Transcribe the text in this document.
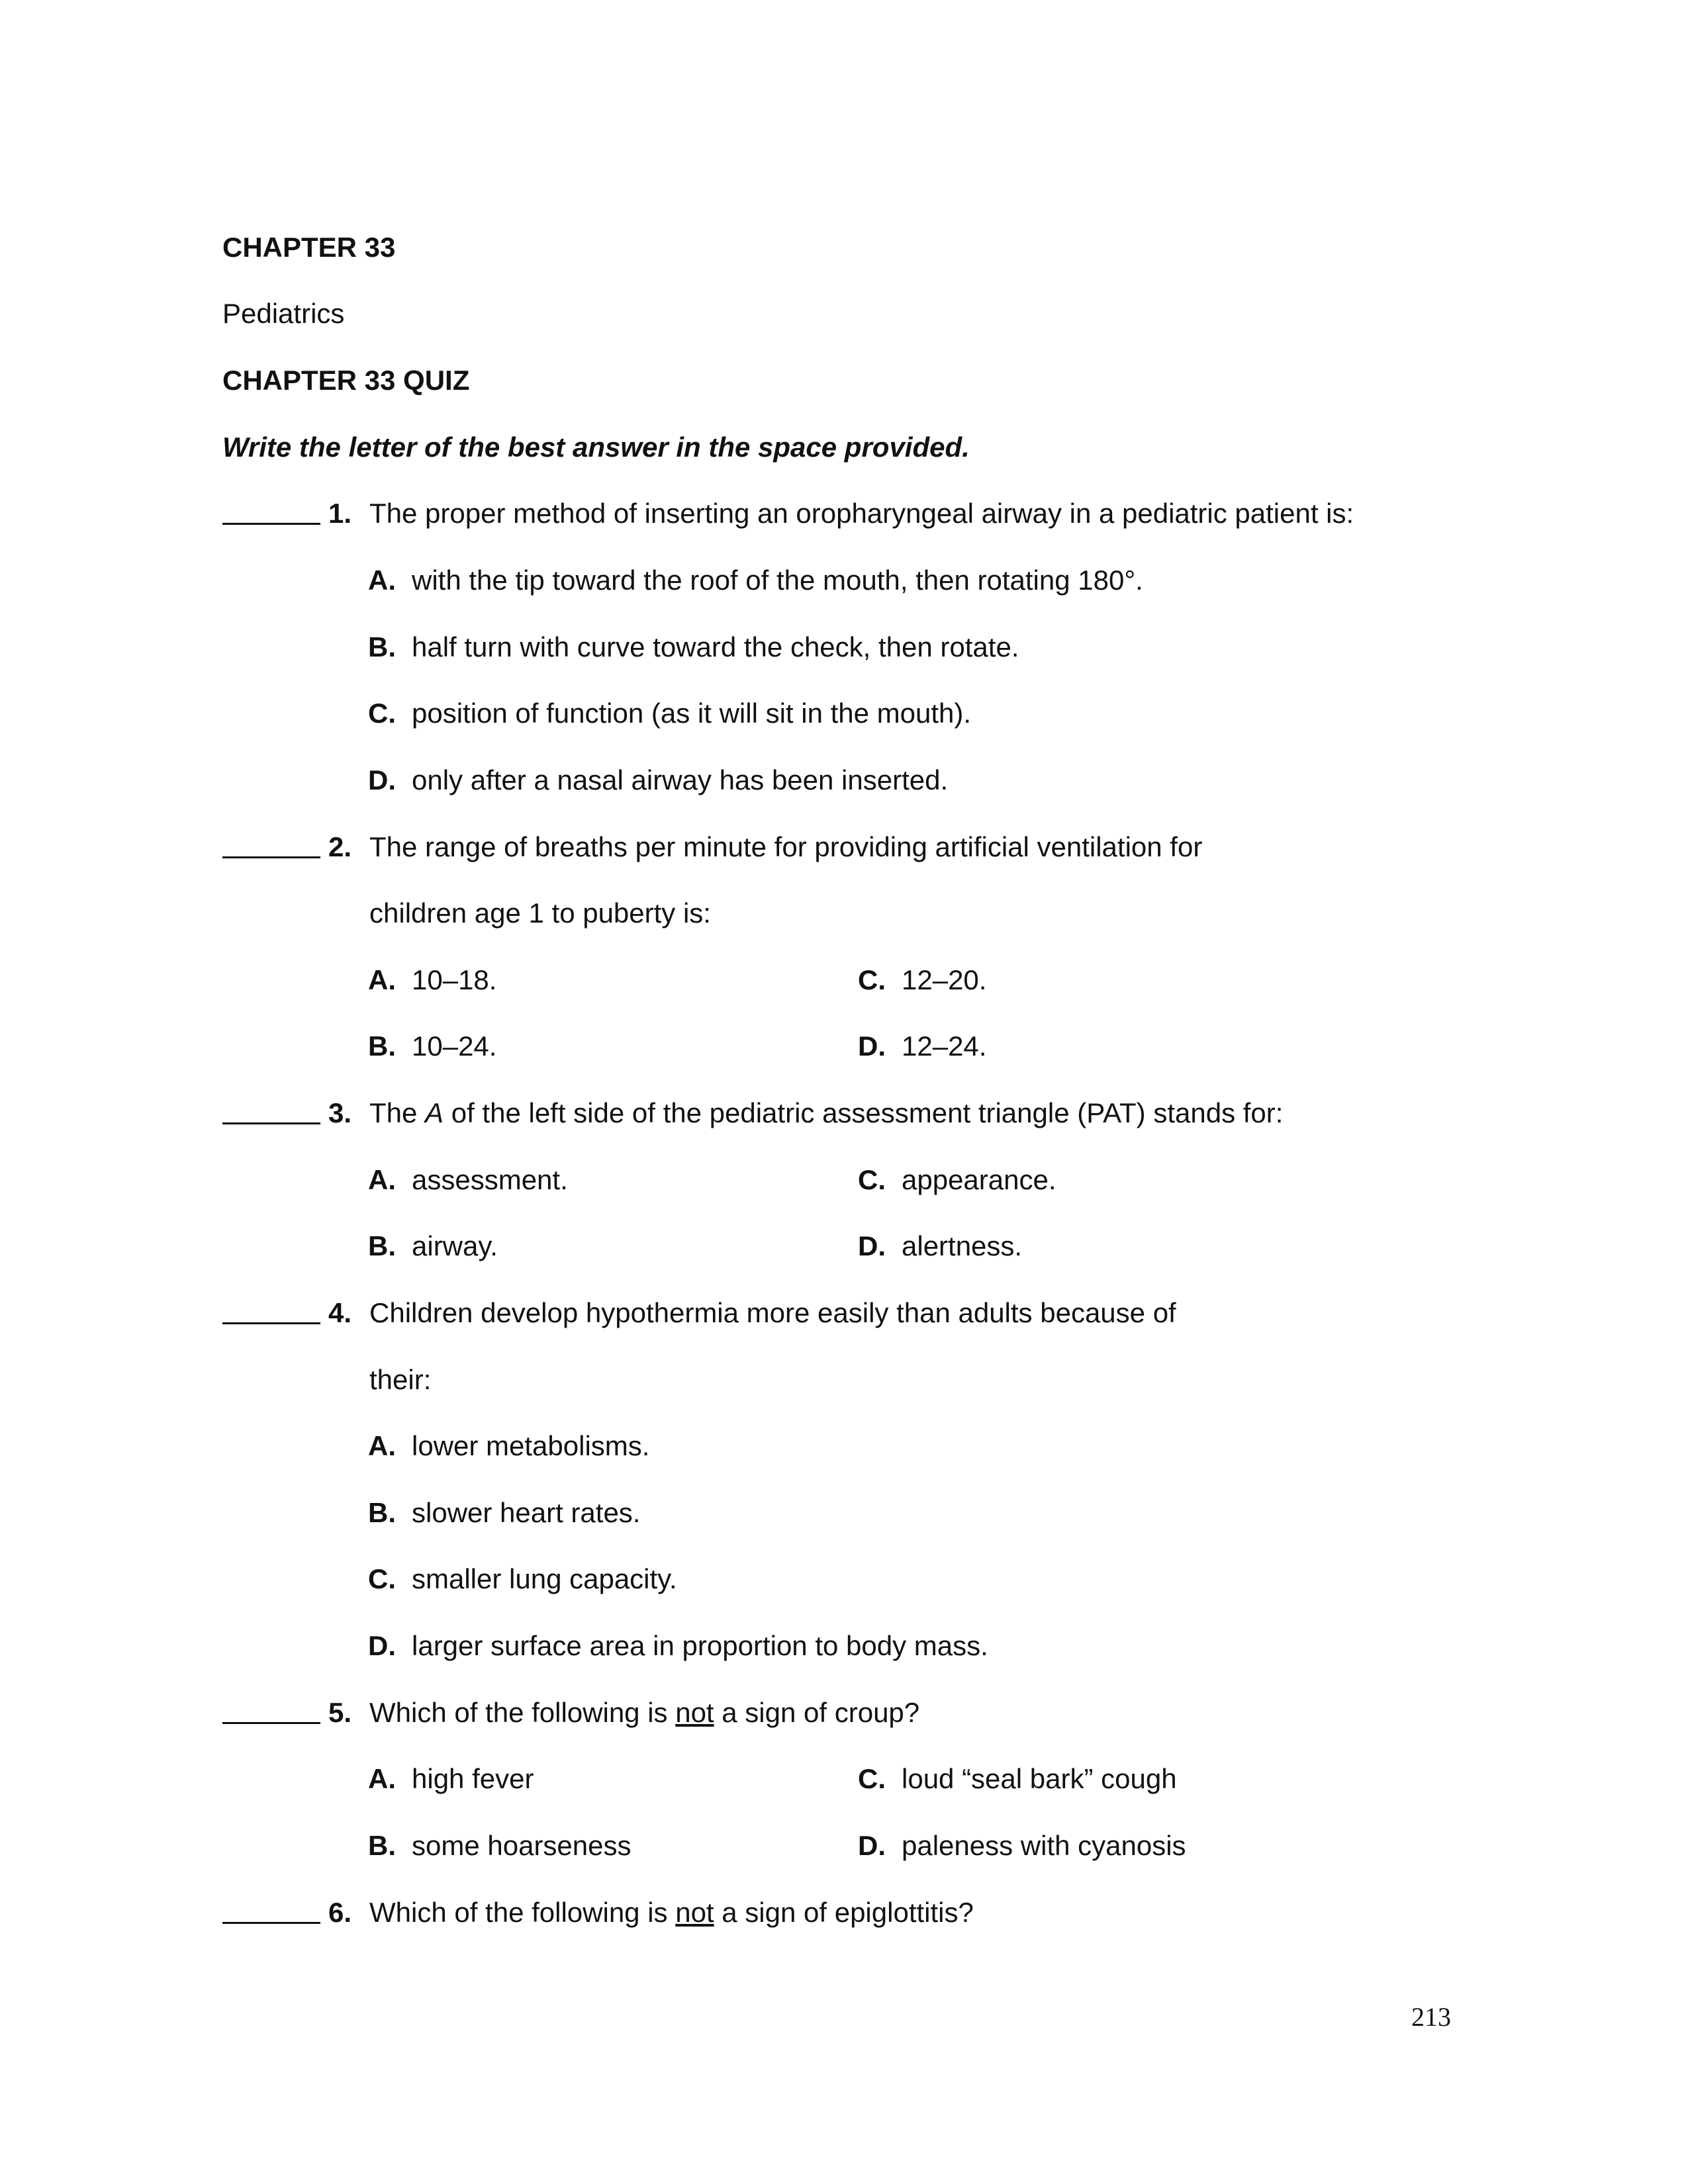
CHAPTER 33
Pediatrics
CHAPTER 33 QUIZ
Write the letter of the best answer in the space provided.
1. The proper method of inserting an oropharyngeal airway in a pediatric patient is:
A. with the tip toward the roof of the mouth, then rotating 180°.
B. half turn with curve toward the check, then rotate.
C. position of function (as it will sit in the mouth).
D. only after a nasal airway has been inserted.
2. The range of breaths per minute for providing artificial ventilation for
children age 1 to puberty is:
A. 10–18.	C. 12–20.
B. 10–24.	D. 12–24.
3. The A of the left side of the pediatric assessment triangle (PAT) stands for:
A. assessment.	C. appearance.
B. airway.	D. alertness.
4. Children develop hypothermia more easily than adults because of
their:
A. lower metabolisms.
B. slower heart rates.
C. smaller lung capacity.
D. larger surface area in proportion to body mass.
5. Which of the following is not a sign of croup?
A. high fever	C. loud “seal bark” cough
B. some hoarseness	D. paleness with cyanosis
6. Which of the following is not a sign of epiglottitis?
213
